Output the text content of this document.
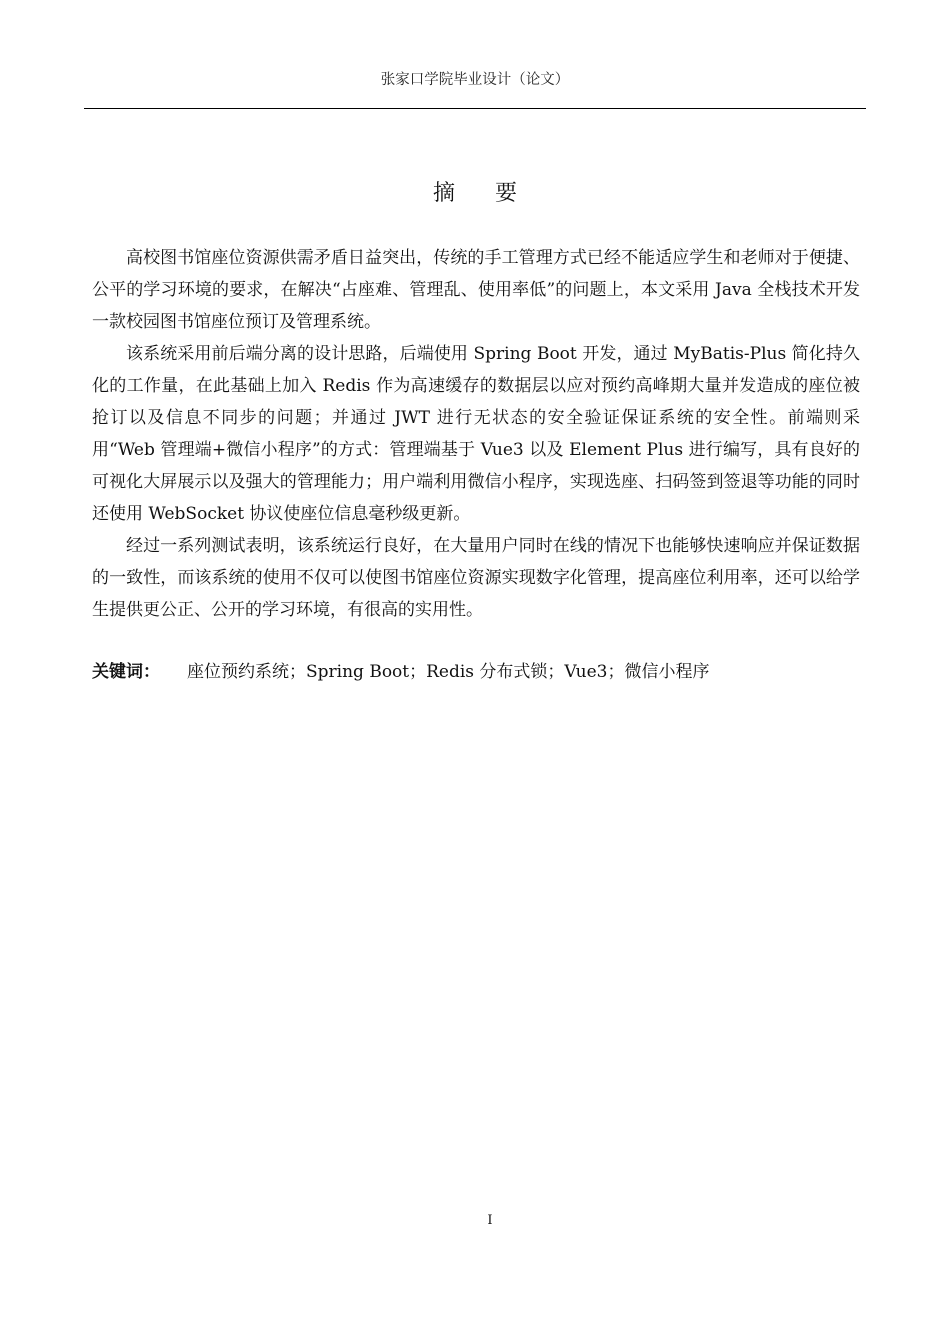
张家口学院毕业设计（论文）
摘 要

高校图书馆座位资源供需矛盾日益突出，传统的手工管理方式已经不能适应学生和老师对于便捷、公平的学习环境的要求，在解决“占座难、管理乱、使用率低”的问题上，本文采用 Java 全栈技术开发一款校园图书馆座位预订及管理系统。

该系统采用前后端分离的设计思路，后端使用 Spring Boot 开发，通过 MyBatis-Plus 简化持久化的工作量，在此基础上加入 Redis 作为高速缓存的数据层以应对预约高峰期大量并发造成的座位被抢订以及信息不同步的问题；并通过 JWT 进行无状态的安全验证保证系统的安全性。前端则采用“Web 管理端+微信小程序”的方式：管理端基于 Vue3 以及 Element Plus 进行编写，具有良好的可视化大屏展示以及强大的管理能力；用户端利用微信小程序，实现选座、扫码签到签退等功能的同时还使用 WebSocket 协议使座位信息毫秒级更新。

经过一系列测试表明，该系统运行良好，在大量用户同时在线的情况下也能够快速响应并保证数据的一致性，而该系统的使用不仅可以使图书馆座位资源实现数字化管理，提高座位利用率，还可以给学生提供更公正、公开的学习环境，有很高的实用性。

关键词： 座位预约系统；Spring Boot；Redis 分布式锁；Vue3；微信小程序
I
